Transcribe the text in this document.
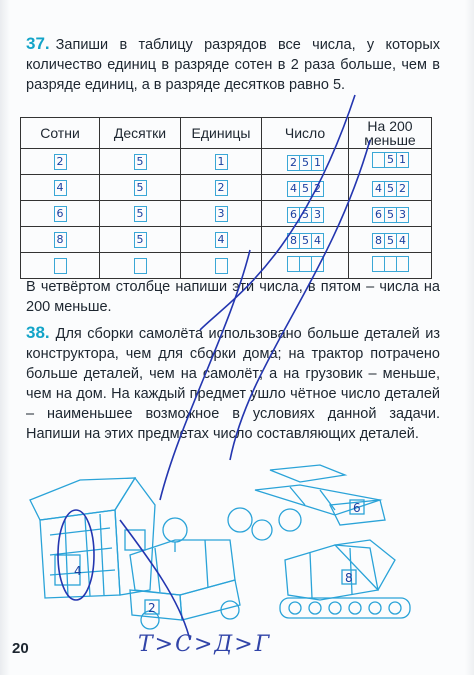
37. Запиши в таблицу разрядов все числа, у которых количество единиц в разряде сотен в 2 раза больше, чем в разряде единиц, а в разряде десятков равно 5.
Сотни	Десятки	Единицы	Число	На 200 меньше
2	5	1	2 5 1	5 1

4	5	2	4 5 2	4 5 2

6	5	3	6 5 3	6 5 3

8	5	4	8 5 4	8 5 4

В четвёртом столбце напиши эти числа, в пятом – числа на 200 меньше.
38. Для сборки самолёта использовано больше деталей из конструктора, чем для сборки дома; на трактор потрачено больше деталей, чем на самолёт; а на грузовик – меньше, чем на дом. На каждый предмет ушло чётное число деталей – наименьшее возможное в условиях данной задачи. Напиши на этих предметах число составляющих деталей.
4
2
6
8
20	Т>С>Д>Г
